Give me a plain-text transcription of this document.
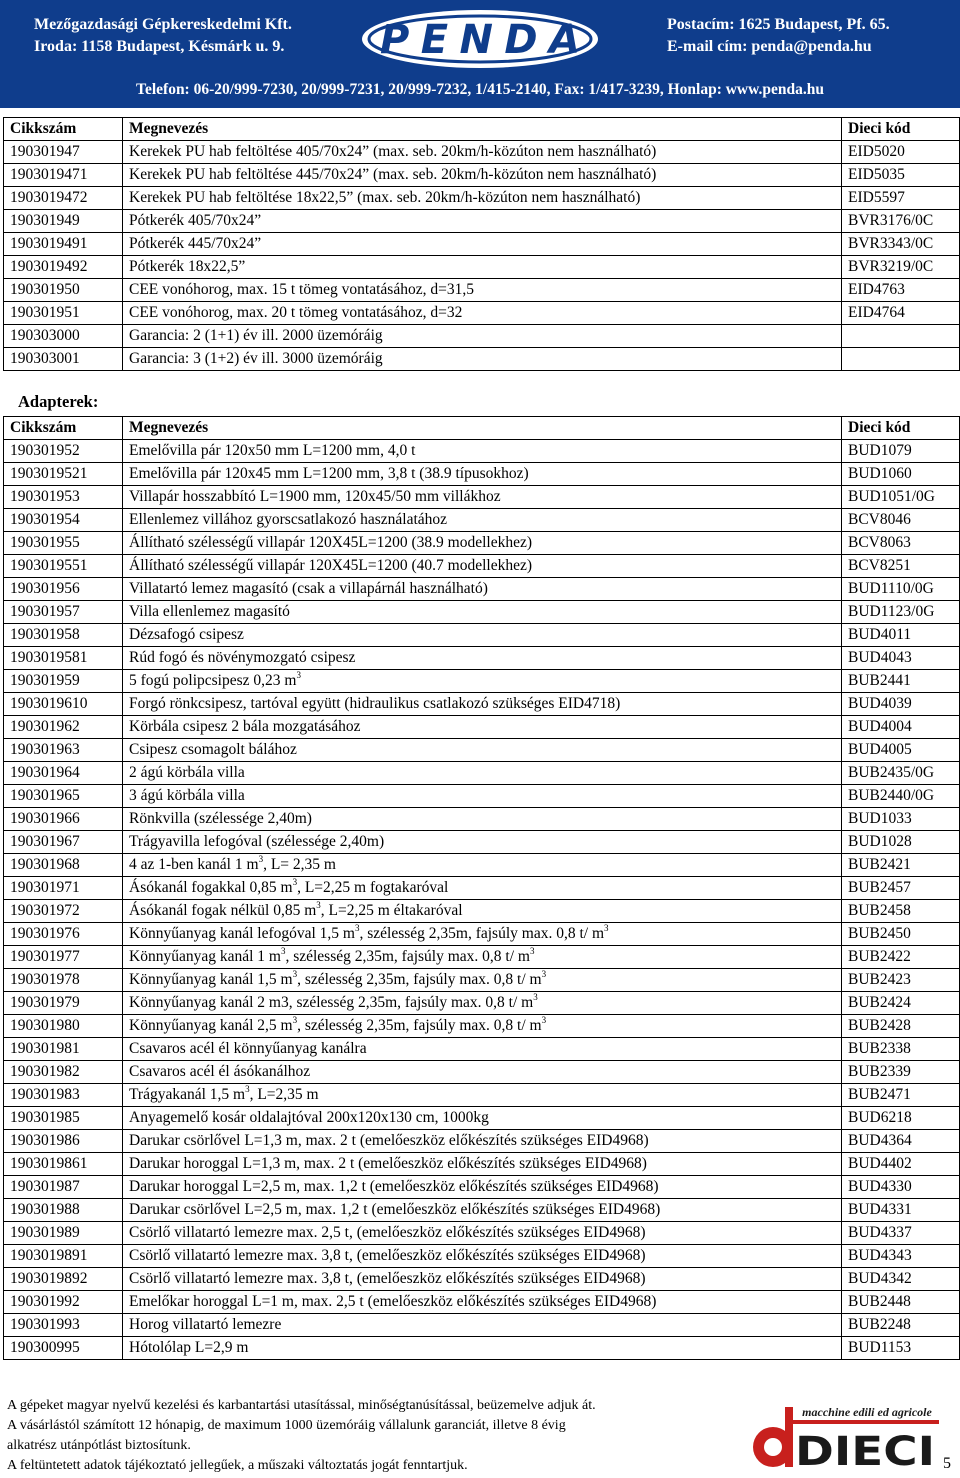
Mezőgazdasági Gépkereskedelmi Kft.
Iroda: 1158 Budapest, Késmárk u. 9. PENDA	Postacím: 1625 Budapest, Pf. 65.
E-mail cím: penda@penda.hu
Telefon: 06-20/999-7230, 20/999-7231, 20/999-7232, 1/415-2140, Fax: 1/417-3239, Honlap: www.penda.hu
Cikkszám	Megnevezés	Dieci kód
190301947	Kerekek PU hab feltöltése 405/70x24” (max. seb. 20km/h-közúton nem használható)	EID5020
1903019471	Kerekek PU hab feltöltése 445/70x24” (max. seb. 20km/h-közúton nem használható)	EID5035
1903019472	Kerekek PU hab feltöltése 18x22,5” (max. seb. 20km/h-közúton nem használható)	EID5597
190301949	Pótkerék 405/70x24”	BVR3176/0C
1903019491	Pótkerék 445/70x24”	BVR3343/0C
1903019492	Pótkerék 18x22,5”	BVR3219/0C
190301950	CEE vonóhorog, max. 15 t tömeg vontatásához, d=31,5	EID4763
190301951	CEE vonóhorog, max. 20 t tömeg vontatásához, d=32	EID4764
190303000	Garancia: 2 (1+1) év ill. 2000 üzemóráig	
190303001	Garancia: 3 (1+2) év ill. 3000 üzemóráig	
Adapterek:
Cikkszám	Megnevezés	Dieci kód
190301952	Emelővilla pár 120x50 mm L=1200 mm, 4,0 t	BUD1079
1903019521	Emelővilla pár 120x45 mm L=1200 mm, 3,8 t (38.9 típusokhoz)	BUD1060
190301953	Villapár hosszabbító L=1900 mm, 120x45/50 mm villákhoz	BUD1051/0G
190301954	Ellenlemez villához gyorscsatlakozó használatához	BCV8046
190301955	Állítható szélességű villapár 120X45L=1200 (38.9 modellekhez)	BCV8063
1903019551	Állítható szélességű villapár 120X45L=1200 (40.7 modellekhez)	BCV8251
190301956	Villatartó lemez magasító (csak a villapárnál használható)	BUD1110/0G
190301957	Villa ellenlemez magasító	BUD1123/0G
190301958	Dézsafogó csipesz	BUD4011
1903019581	Rúd fogó és növénymozgató csipesz	BUD4043
190301959	5 fogú polipcsipesz 0,23 $m^3$	BUB2441
1903019610	Forgó rönkcsipesz, tartóval együtt (hidraulikus csatlakozó szükséges EID4718)	BUD4039
190301962	Körbála csipesz 2 bála mozgatásához	BUD4004
190301963	Csipesz csomagolt bálához	BUD4005
190301964	2 ágú körbála villa	BUB2435/0G
190301965	3 ágú körbála villa	BUB2440/0G
190301966	Rönkvilla (szélessége 2,40m)	BUD1033
190301967	Trágyavilla lefogóval (szélessége 2,40m)	BUD1028
190301968	4 az 1-ben kanál 1 $m^3$, L= 2,35 m	BUB2421
190301971	Ásókanál fogakkal 0,85 $m^3$, L=2,25 m fogtakaróval	BUB2457
190301972	Ásókanál fogak nélkül 0,85 $m^3$, L=2,25 m éltakaróval	BUB2458
190301976	Könnyűanyag kanál lefogóval 1,5 $m^3$, szélesség 2,35m, fajsúly max. 0,8 t/ $m^3$	BUB2450
190301977	Könnyűanyag kanál 1 $m^3$, szélesség 2,35m, fajsúly max. 0,8 t/ $m^3$	BUB2422
190301978	Könnyűanyag kanál 1,5 $m^3$, szélesség 2,35m, fajsúly max. 0,8 t/ $m^3$	BUB2423
190301979	Könnyűanyag kanál 2 m3, szélesség 2,35m, fajsúly max. 0,8 t/ $m^3$	BUB2424
190301980	Könnyűanyag kanál 2,5 $m^3$, szélesség 2,35m, fajsúly max. 0,8 t/ $m^3$	BUB2428
190301981	Csavaros acél él könnyűanyag kanálra	BUB2338
190301982	Csavaros acél él ásókanálhoz	BUB2339
190301983	Trágyakanál 1,5 $m^3$, L=2,35 m	BUB2471
190301985	Anyagemelő kosár oldalajtóval 200x120x130 cm, 1000kg	BUD6218
190301986	Darukar csörlővel L=1,3 m, max. 2 t (emelőeszköz előkészítés szükséges EID4968)	BUD4364
1903019861	Darukar horoggal L=1,3 m, max. 2 t (emelőeszköz előkészítés szükséges EID4968)	BUD4402
190301987	Darukar horoggal L=2,5 m, max. 1,2 t (emelőeszköz előkészítés szükséges EID4968)	BUD4330
190301988	Darukar csörlővel L=2,5 m, max. 1,2 t (emelőeszköz előkészítés szükséges EID4968)	BUD4331
190301989	Csörlő villatartó lemezre max. 2,5 t, (emelőeszköz előkészítés szükséges EID4968)	BUD4337
1903019891	Csörlő villatartó lemezre max. 3,8 t, (emelőeszköz előkészítés szükséges EID4968)	BUD4343
1903019892	Csörlő villatartó lemezre max. 3,8 t, (emelőeszköz előkészítés szükséges EID4968)	BUD4342
190301992	Emelőkar horoggal L=1 m, max. 2,5 t (emelőeszköz előkészítés szükséges EID4968)	BUB2448
190301993	Horog villatartó lemezre	BUB2248
190300995	Hótolólap L=2,9 m	BUD1153
A gépeket magyar nyelvű kezelési és karbantartási utasítással, minőségtanúsítással, beüzemelve adjuk át.
A vásárlástól számított 12 hónapig, de maximum 1000 üzemóráig vállalunk garanciát, illetve 8 évig
alkatrész utánpótlást biztosítunk.
A feltüntetett adatok tájékoztató jellegűek, a műszaki változtatás jogát fenntartjuk.
macchine edili ed agricole
DIECI 5
